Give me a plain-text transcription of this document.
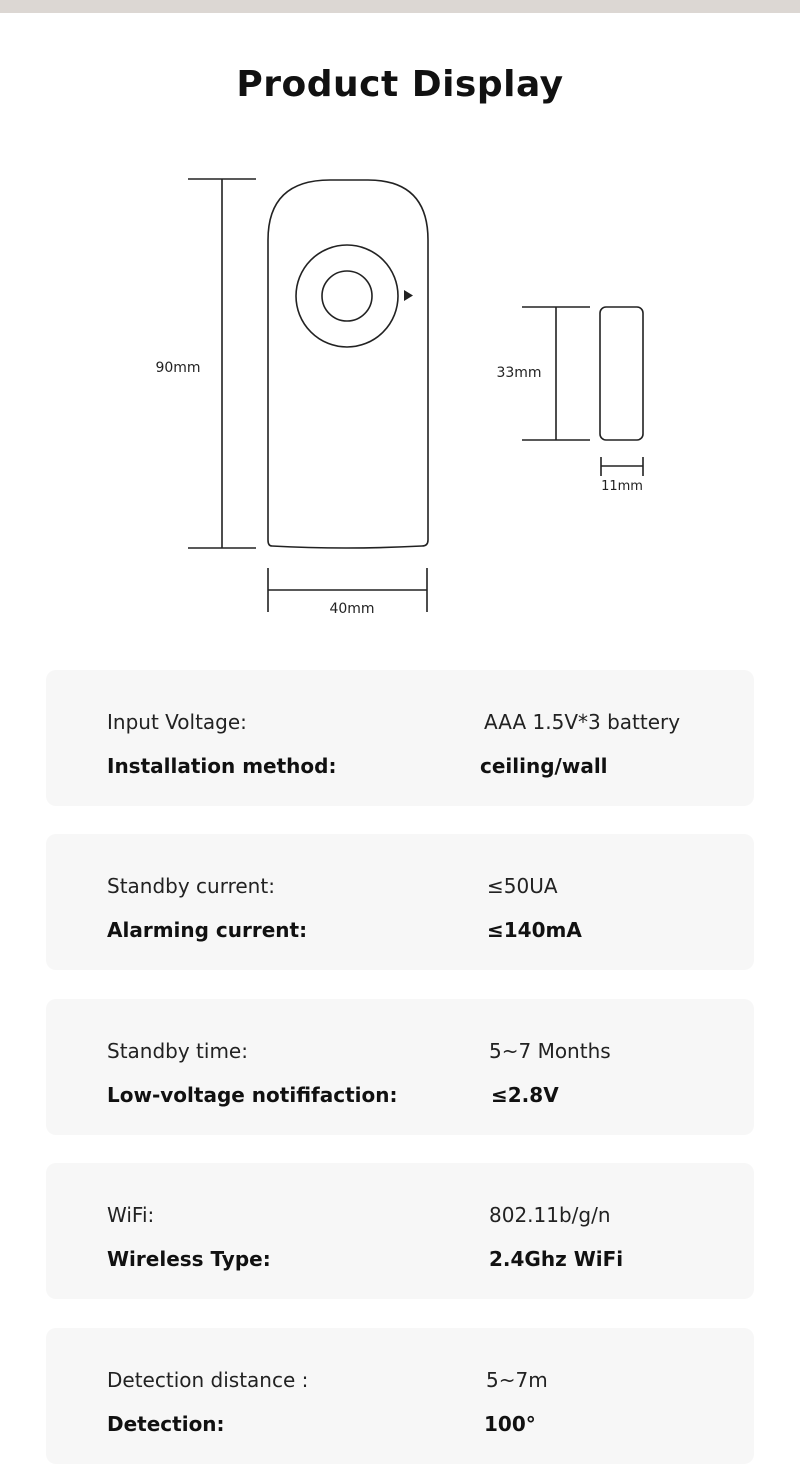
Product Display
90mm
40mm
33mm
11mm
Input Voltage:	AAA 1.5V*3 battery
Installation method:	ceiling/wall
Standby current:	≤50UA
Alarming current:	≤140mA
Standby time:	5~7 Months
Low-voltage notififaction:	≤2.8V
WiFi:	802.11b/g/n
Wireless Type:	2.4Ghz WiFi
Detection distance :	5~7m
Detection:	100°
